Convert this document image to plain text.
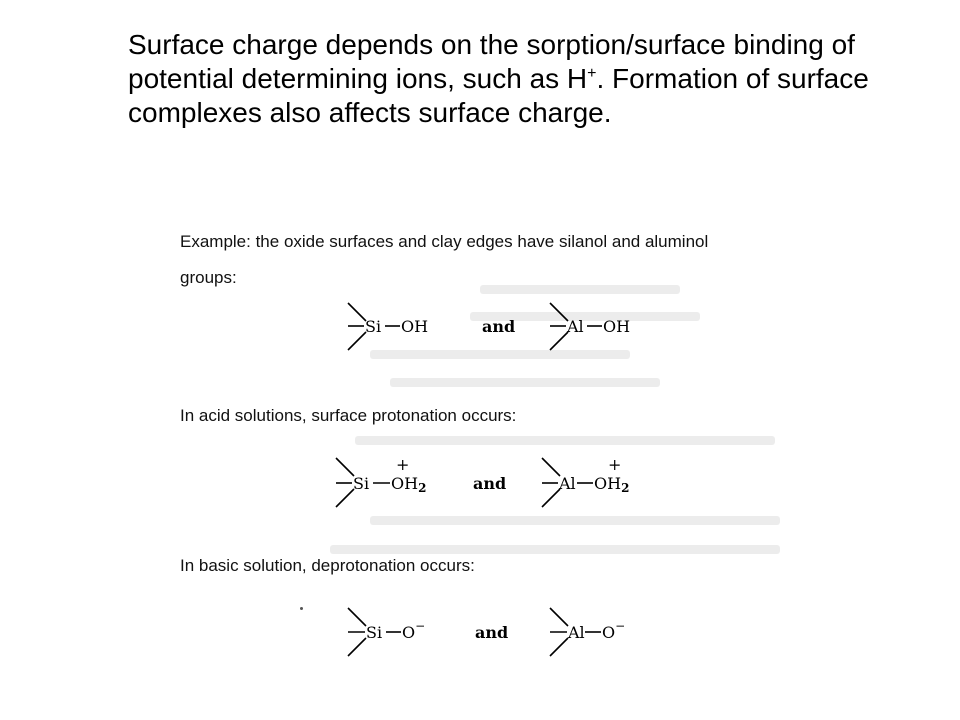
Surface charge depends on the sorption/surface binding of potential determining ions, such as H+. Formation of surface complexes also affects surface charge.

Example: the oxide surfaces and clay edges have silanol and aluminol
groups:
Si OH	and	Al OH
In acid solutions, surface protonation occurs:
Si
+
OH2	and	Al
+
OH2
In basic solution, deprotonation occurs:
Si O−	and	Al O−
